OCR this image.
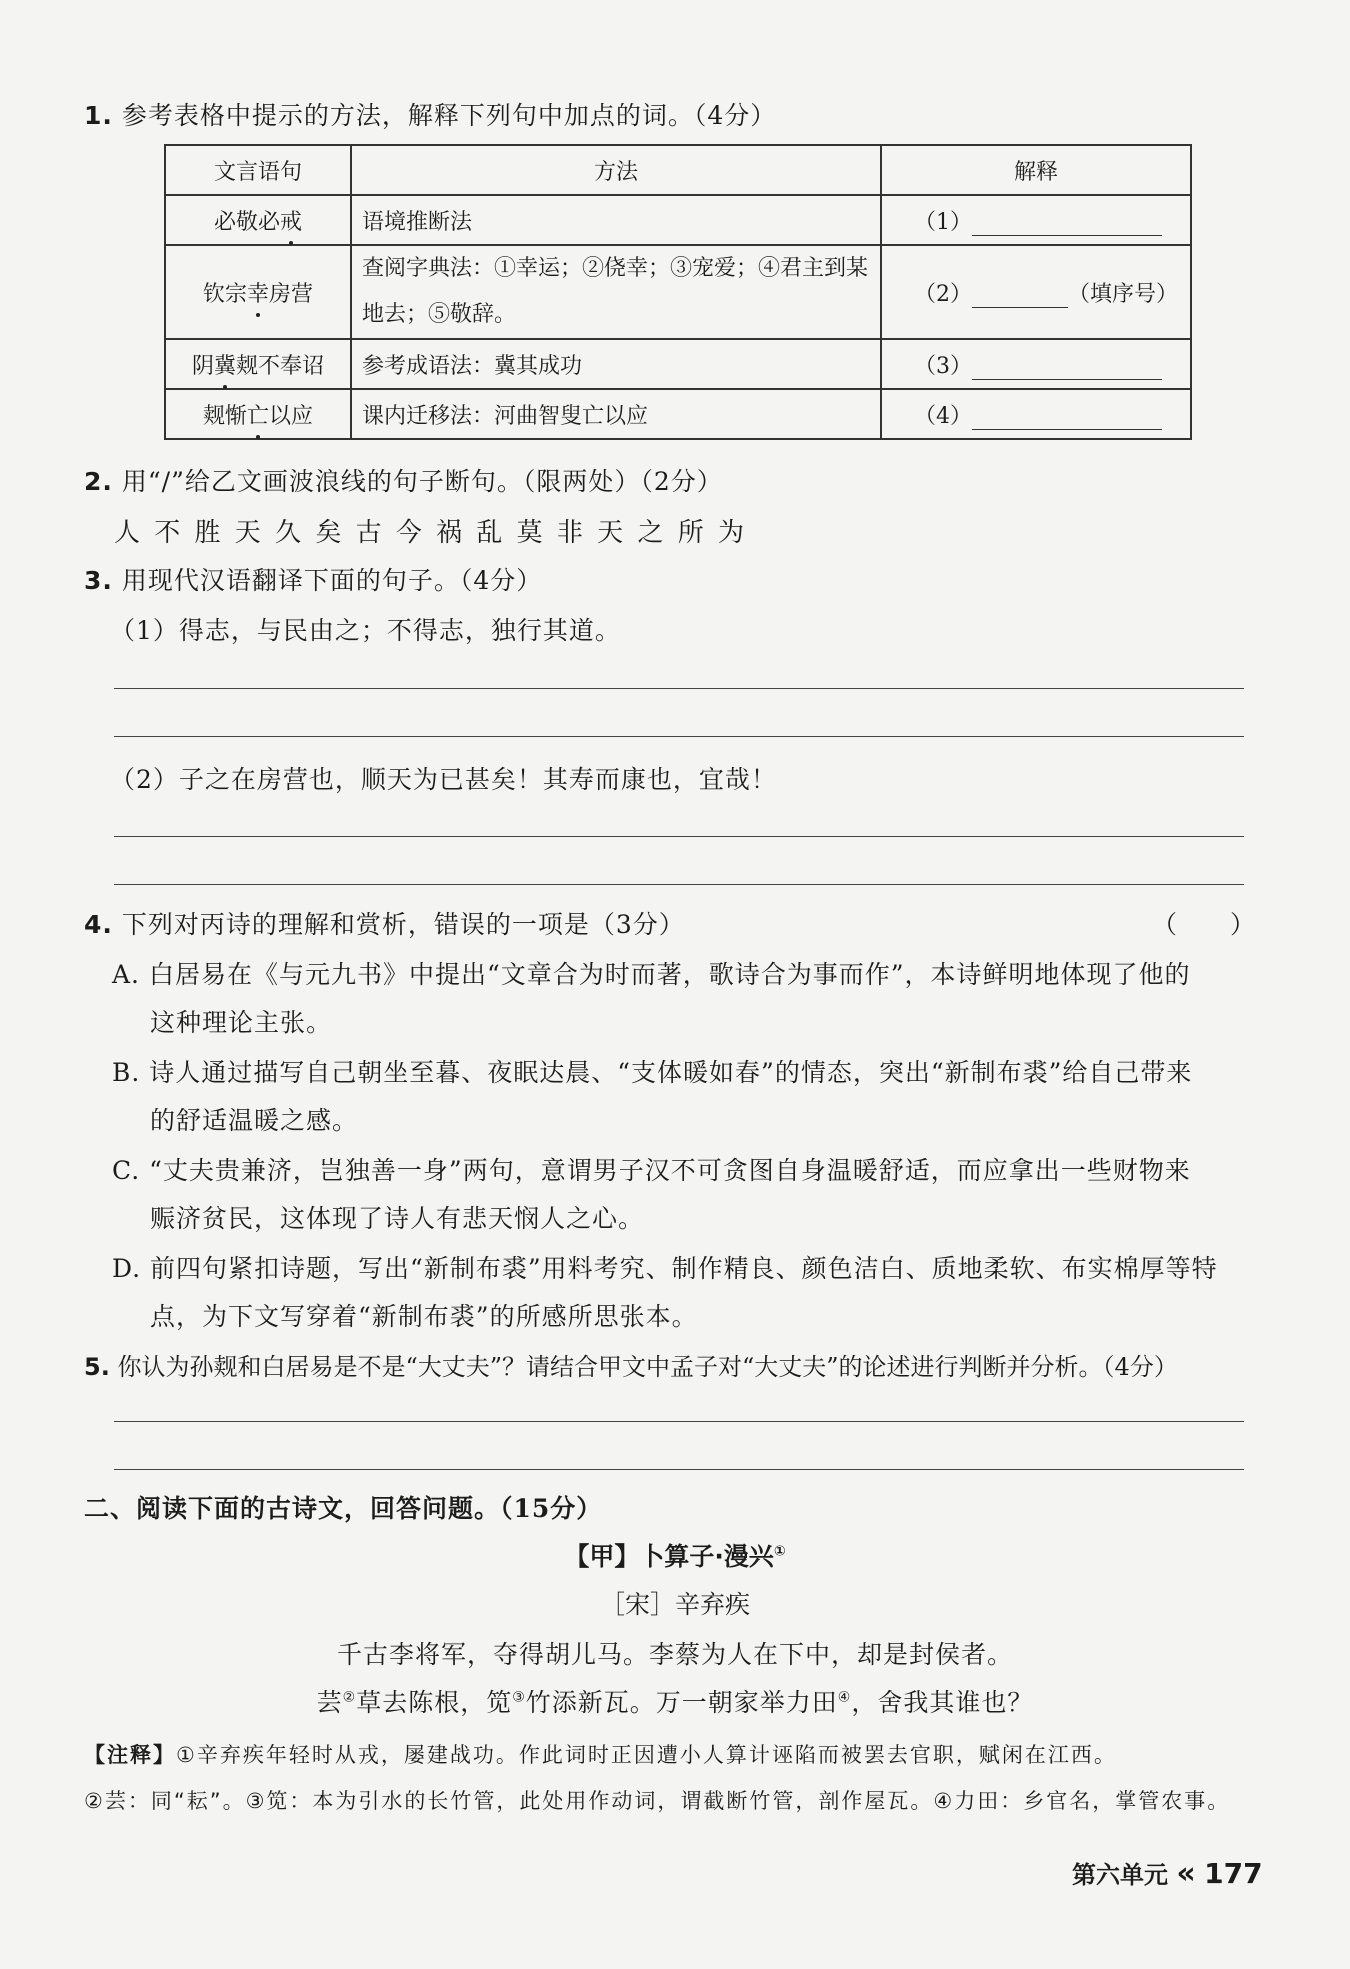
1. 参考表格中提示的方法，解释下列句中加点的词。（4分）
文言语句	方法	解释
必敬必戒	语境推断法	（1）
钦宗幸房营	查阅字典法：①幸运；②侥幸；③宠爱；④君主到某
地去；⑤敬辞。	（2） （填序号）
阴冀觌不奉诏	参考成语法：冀其成功	（3）
觌惭亡以应	课内迁移法：河曲智叟亡以应	（4）
2. 用“/”给乙文画波浪线的句子断句。（限两处）（2分）
人 不 胜 天 久 矣 古 今 祸 乱 莫 非 天 之 所 为
3. 用现代汉语翻译下面的句子。（4分）
（1）得志，与民由之；不得志，独行其道。
（2）子之在房营也，顺天为已甚矣！其寿而康也，宜哉！
4. 下列对丙诗的理解和赏析，错误的一项是（3分）	（　　）
A. 白居易在《与元九书》中提出“文章合为时而著，歌诗合为事而作”，本诗鲜明地体现了他的
这种理论主张。
B. 诗人通过描写自己朝坐至暮、夜眠达晨、“支体暖如春”的情态，突出“新制布裘”给自己带来
的舒适温暖之感。
C. “丈夫贵兼济，岂独善一身”两句，意谓男子汉不可贪图自身温暖舒适，而应拿出一些财物来
赈济贫民，这体现了诗人有悲天悯人之心。
D. 前四句紧扣诗题，写出“新制布裘”用料考究、制作精良、颜色洁白、质地柔软、布实棉厚等特
点，为下文写穿着“新制布裘”的所感所思张本。
5. 你认为孙觌和白居易是不是“大丈夫”？请结合甲文中孟子对“大丈夫”的论述进行判断并分析。（4分）
二、阅读下面的古诗文，回答问题。（15分）
【甲】卜算子·漫兴①
［宋］辛弃疾
千古李将军，夺得胡儿马。李蔡为人在下中，却是封侯者。
芸②草去陈根，笕③竹添新瓦。万一朝家举力田④，舍我其谁也？
【注释】①辛弃疾年轻时从戎，屡建战功。作此词时正因遭小人算计诬陷而被罢去官职，赋闲在江西。
②芸：同“耘”。③笕：本为引水的长竹管，此处用作动词，谓截断竹管，剖作屋瓦。④力田：乡官名，掌管农事。
第六单元 « 177
